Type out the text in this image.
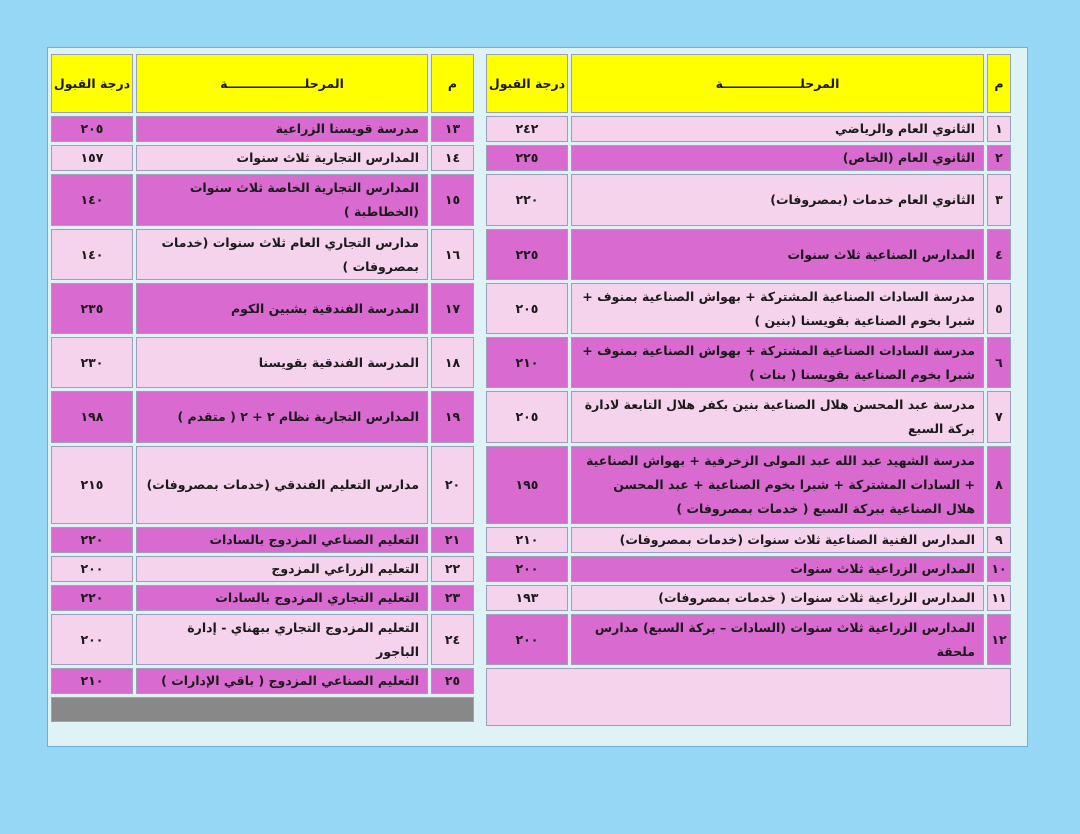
م	المرحلــــــــــــــــــة	درجة القبول
١	الثانوي العام والرياضي	٢٤٢
٢	الثانوي العام (الخاص)	٢٢٥
٣	الثانوي العام خدمات (بمصروفات)	٢٢٠
٤	المدارس الصناعية ثلاث سنوات	٢٢٥
٥	مدرسة السادات الصناعية المشتركة + بهواش الصناعية بمنوف + شبرا بخوم الصناعية بقويسنا (بنين )	٢٠٥
٦	مدرسة السادات الصناعية المشتركة + بهواش الصناعية بمنوف + شبرا بخوم الصناعية بقويسنا ( بنات )	٢١٠
٧	مدرسة عبد المحسن هلال الصناعية بنين بكفر هلال التابعة لادارة بركة السبع	٢٠٥
٨	مدرسة الشهيد عبد الله عبد المولى الزخرفية + بهواش الصناعية + السادات المشتركة + شبرا بخوم الصناعية + عبد المحسن هلال الصناعية ببركة السبع ( خدمات بمصروفات )	١٩٥
٩	المدارس الفنية الصناعية ثلاث سنوات (خدمات بمصروفات)	٢١٠
١٠	المدارس الزراعية ثلاث سنوات	٢٠٠
١١	المدارس الزراعية ثلاث سنوات ( خدمات بمصروفات)	١٩٣
١٢	المدارس الزراعية ثلاث سنوات (السادات – بركة السبع) مدارس ملحقة	٢٠٠

م	المرحلــــــــــــــــــة	درجة القبول
١٣	مدرسة قويسنا الزراعية	٢٠٥
١٤	المدارس التجارية ثلاث سنوات	١٥٧
١٥	المدارس التجارية الخاصة ثلاث سنوات (الخطاطبة )	١٤٠
١٦	مدارس التجاري العام ثلاث سنوات (خدمات بمصروفات )	١٤٠
١٧	المدرسة الفندقية بشبين الكوم	٢٣٥
١٨	المدرسة الفندقية بقويسنا	٢٣٠
١٩	المدارس التجارية نظام ٢ + ٢ ( متقدم )	١٩٨
٢٠	مدارس التعليم الفندقي (خدمات بمصروفات)	٢١٥
٢١	التعليم الصناعي المزدوج بالسادات	٢٢٠
٢٢	التعليم الزراعي المزدوج	٢٠٠
٢٣	التعليم التجاري المزدوج بالسادات	٢٢٠
٢٤	التعليم المزدوج التجاري ببهناي - إدارة الباجور	٢٠٠
٢٥	التعليم الصناعي المزدوج ( باقي الإدارات )	٢١٠
